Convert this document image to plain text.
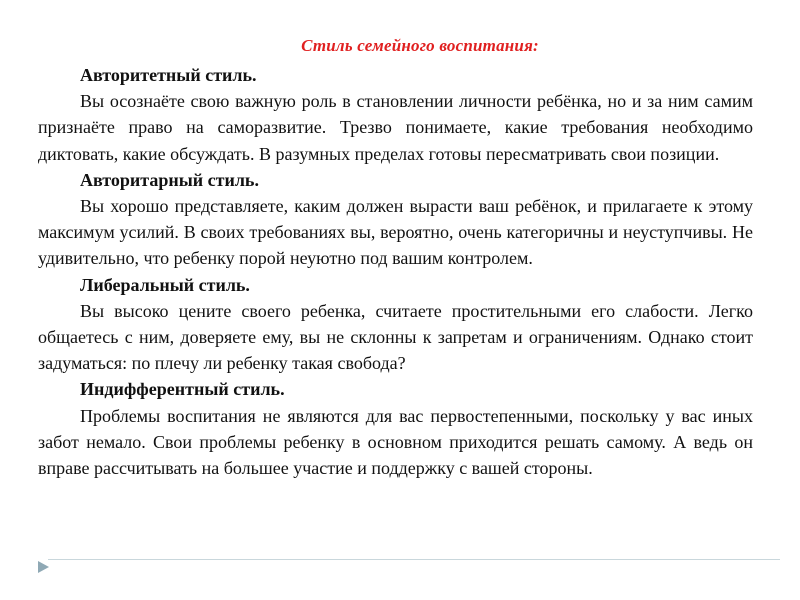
Стиль семейного воспитания:

Авторитетный стиль.

Вы осознаёте свою важную роль в становлении личности ребёнка, но и за ним самим признаёте право на саморазвитие. Трезво понимаете, какие требования необходимо диктовать, какие обсуждать. В разумных пределах готовы пересматривать свои позиции.

Авторитарный стиль.

Вы хорошо представляете, каким должен вырасти ваш ребёнок, и прилагаете к этому максимум усилий. В своих требованиях вы, вероятно, очень категоричны и неуступчивы. Не удивительно, что ребенку порой неуютно под вашим контролем.

Либеральный стиль.

Вы высоко цените своего ребенка, считаете простительными его слабости. Легко общаетесь с ним, доверяете ему, вы не склонны к запретам и ограничениям. Однако стоит задуматься: по плечу ли ребенку такая свобода?

Индифферентный стиль.

Проблемы воспитания не являются для вас первостепенными, поскольку у вас иных забот немало. Свои проблемы ребенку в основном приходится решать самому. А ведь он вправе рассчитывать на большее участие и поддержку с вашей стороны.
